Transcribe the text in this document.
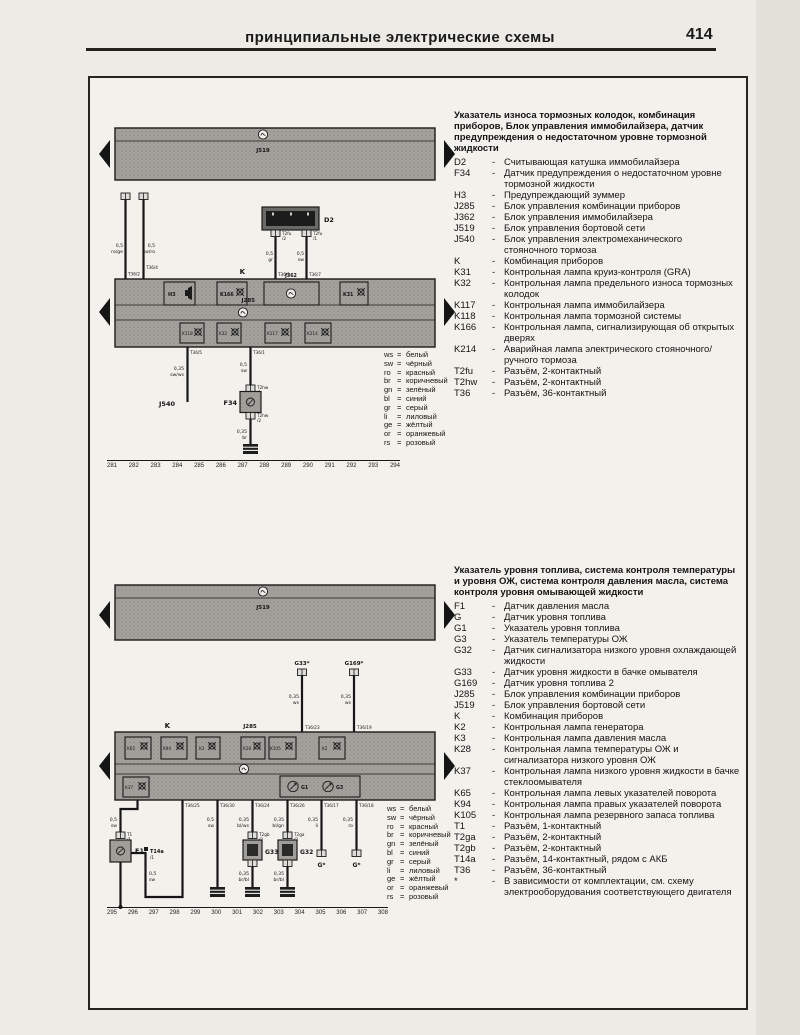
принципиальные электрические схемы	414
J519
0,5
ro/ge
0,5
sw/ro
T36/2
T36/4
D2
T2fu
/2
T2fu
/1
0,5
gr
0,5
sw
T36/9	T36/7
K
J285
H3	K166
J362
K31
K118	K32	K117	K214
T36/5
0,35
sw/ws
J540
T36/1
0,5
sw
T2hw
F34
T2hw
/2
0,35
br
281 282 283 284 285 286 287 288 289 290 291 292 293 294
ws = белый
sw = чёрный
ro = красный
br = коричневый
gn = зелёный
bl = синий
gr = серый
li	= лиловый
ge = жёлтый
or = оранжевый
rs = розовый
Указатель износа тормозных колодок, комбинация приборов, Блок управления иммобилайзера, датчик предупреждения о недостаточном уровне тормозной жидкости
D2	- Считывающая катушка иммобилайзера
F34	- Датчик предупреждения о недостаточном уровне тормозной жидкости
H3	- Предупреждающий зуммер
J285	- Блок управления комбинации приборов
J362	- Блок управления иммобилайзера
J519	- Блок управления бортовой сети
J540	- Блок управления электромеханического стояночного тормоза
K	- Комбинация приборов
K31	- Контрольная лампа круиз-контроля (GRA)
K32	- Контрольная лампа предельного износа тормозных колодок
K117	- Контрольная лампа иммобилайзера
K118	- Контрольная лампа тормозной системы
K166	- Контрольная лампа, сигнализирующая об открытых дверях
K214	- Аварийная лампа электрического стояночного/ручного тормоза
T2fu	- Разъём, 2-контактный
T2hw	- Разъём, 2-контактный
T36	- Разъём, 36-контактный
J519
G33*
0,35
ws
T36/23
G169*
0,35
ws
T36/19
K	J285
K65	K94	K3	K28	K105	K2
K37	G1	G3
0,5
sw
T1
F1 T14a
/1
0,5
sw
T36/25	T36/30
0,5
sw
T36/24
0,35
bl/ws
T2gb
G33
0,35
br/bl
T36/26
0,35
bl/gn
T2ga
G32
0,35
br/bl
T36/17
0,35
li
G*
T36/18
0,35
ro
G*
295 296 297 298 299 300 301 302 303 304 305 306 307 308
ws = белый
sw = чёрный
ro = красный
br = коричневый
gn = зелёный
bl = синий
gr = серый
li	= лиловый
ge = жёлтый
or = оранжевый
rs = розовый
Указатель уровня топлива, система контроля температуры и уровня ОЖ, система контроля давления масла, система контроля уровня омывающей жидкости
F1	- Датчик давления масла
G	- Датчик уровня топлива
G1	- Указатель уровня топлива
G3	- Указатель температуры ОЖ
G32	- Датчик сигнализатора низкого уровня охлаждающей жидкости
G33	- Датчик уровня жидкости в бачке омывателя
G169	- Датчик уровня топлива 2
J285	- Блок управления комбинации приборов
J519	- Блок управления бортовой сети
K	- Комбинация приборов
K2	- Контрольная лампа генератора
K3	- Контрольная лампа давления масла
K28	- Контрольная лампа температуры ОЖ и сигнализатора низкого уровня ОЖ
K37	- Контрольная лампа низкого уровня жидкости в бачке стеклоомывателя
K65	- Контрольная лампа левых указателей поворота
K94	- Контрольная лампа правых указателей поворота
K105	- Контрольная лампа резервного запаса топлива
T1	- Разъём, 1-контактный
T2ga	- Разъём, 2-контактный
T2gb	- Разъём, 2-контактный
T14a	- Разъём, 14-контактный, рядом с АКБ
T36	- Разъём, 36-контактный
*	- В зависимости от комплектации, см. схему электрооборудования соответствующего двигателя
